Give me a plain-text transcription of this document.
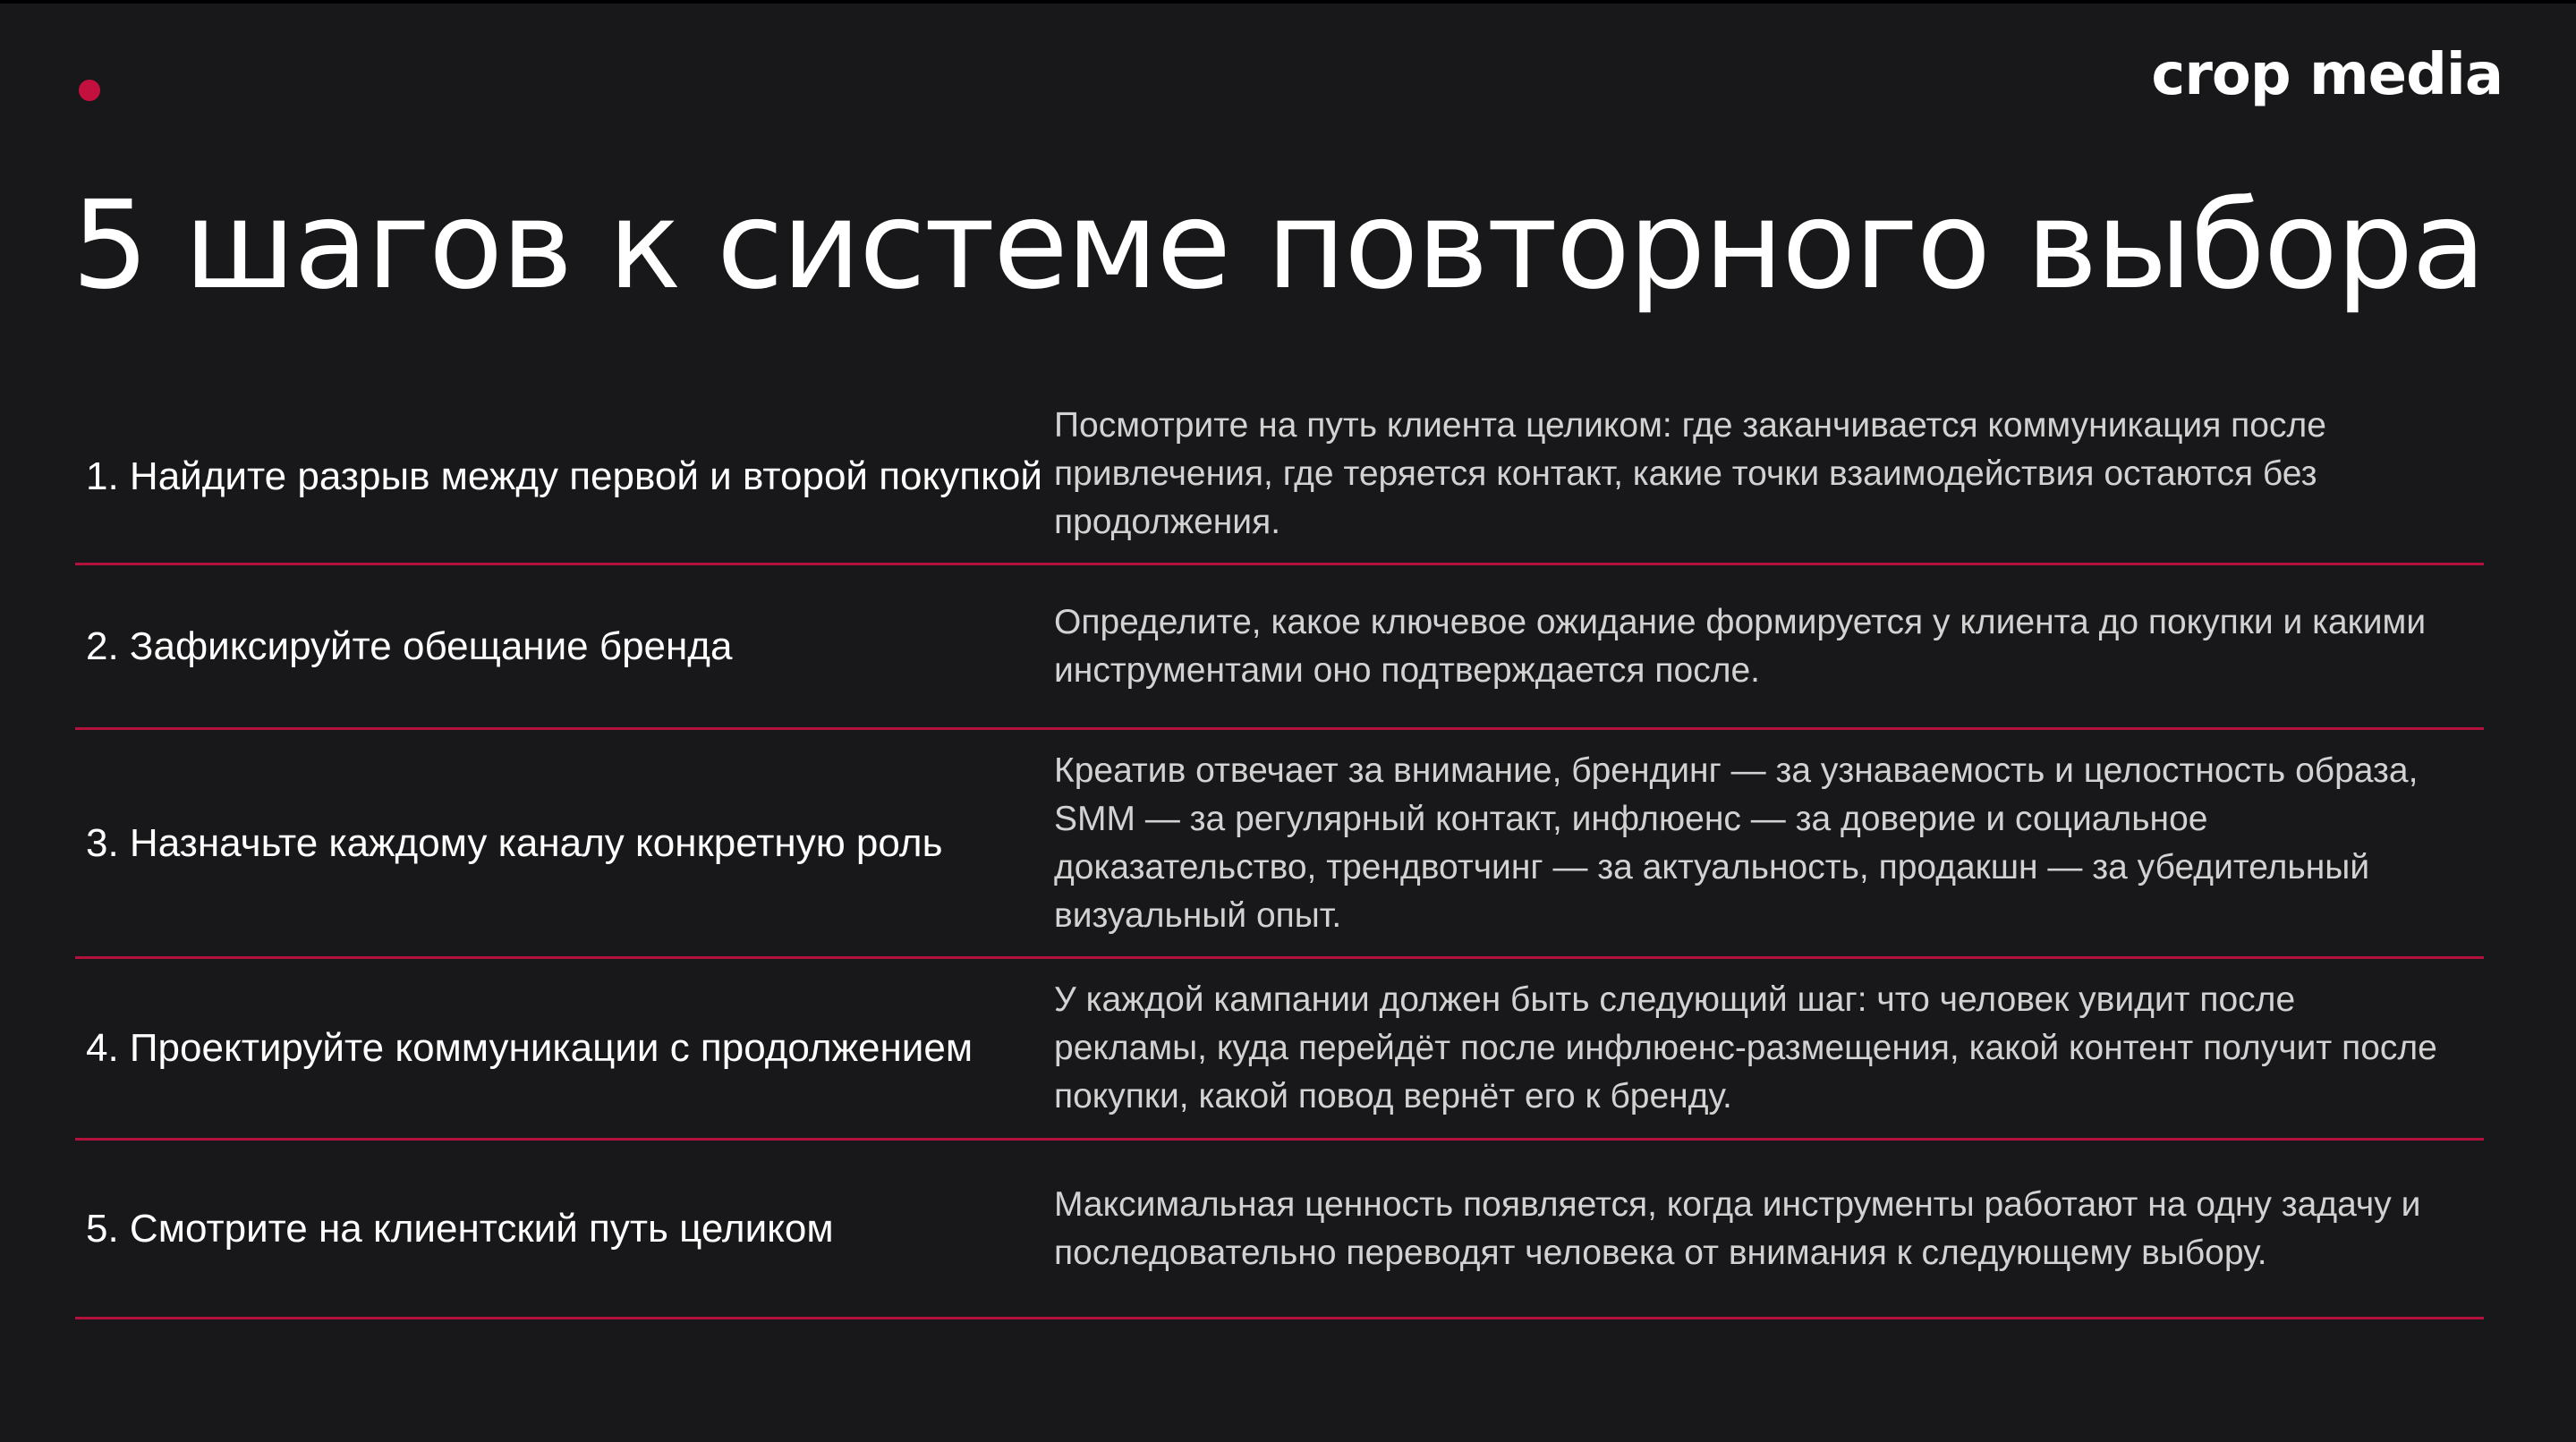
crop media
5 шагов к системе повторного выбора
1. Найдите разрыв между первой и второй покупкой
Посмотрите на путь клиента целиком: где заканчивается коммуникация после привлечения, где теряется контакт, какие точки взаимодействия остаются без продолжения.
2. Зафиксируйте обещание бренда
Определите, какое ключевое ожидание формируется у клиента до покупки и какими инструментами оно подтверждается после.
3. Назначьте каждому каналу конкретную роль
Креатив отвечает за внимание, брендинг — за узнаваемость и целостность образа, SMM — за регулярный контакт, инфлюенс — за доверие и социальное доказательство, трендвотчинг — за актуальность, продакшн — за убедительный визуальный опыт.
4. Проектируйте коммуникации с продолжением
У каждой кампании должен быть следующий шаг: что человек увидит после рекламы, куда перейдёт после инфлюенс-размещения, какой контент получит после покупки, какой повод вернёт его к бренду.
5. Смотрите на клиентский путь целиком
Максимальная ценность появляется, когда инструменты работают на одну задачу и последовательно переводят человека от внимания к следующему выбору.
